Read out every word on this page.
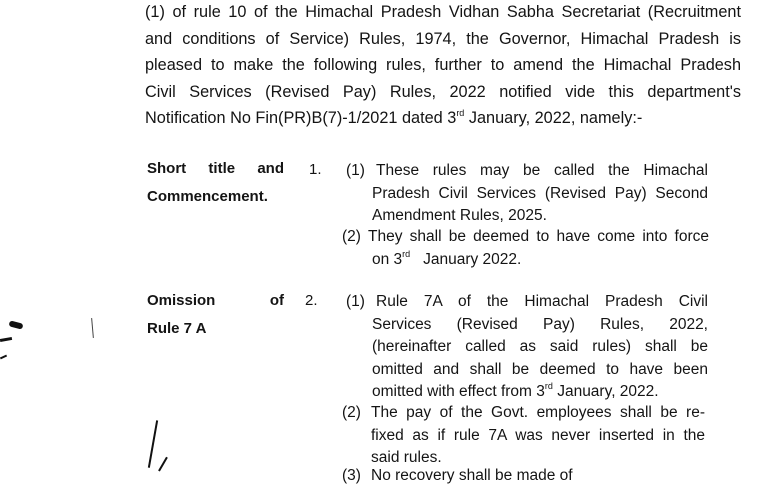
(1) of rule 10 of the Himachal Pradesh Vidhan Sabha Secretariat (Recruitment
and conditions of Service) Rules, 1974, the Governor, Himachal Pradesh is
pleased to make the following rules, further to amend the Himachal Pradesh
Civil Services (Revised Pay) Rules, 2022 notified vide this department's
Notification No Fin(PR)B(7)-1/2021 dated 3rd January, 2022, namely:-
Short title and
Commencement.
1. (1) These rules may be called the Himachal
Pradesh Civil Services (Revised Pay) Second
Amendment Rules, 2025.
(2) They shall be deemed to have come into force
on 3rd   January 2022.
Omission of
Rule 7 A
2. (1) Rule 7A of the Himachal Pradesh Civil
Services (Revised Pay) Rules, 2022,
(hereinafter called as said rules) shall be
omitted and shall be deemed to have been
omitted with effect from 3rd January, 2022.
(2) The pay of the Govt. employees shall be re-
fixed as if rule 7A was never inserted in the
said rules.
(3) No recovery shall be made of
